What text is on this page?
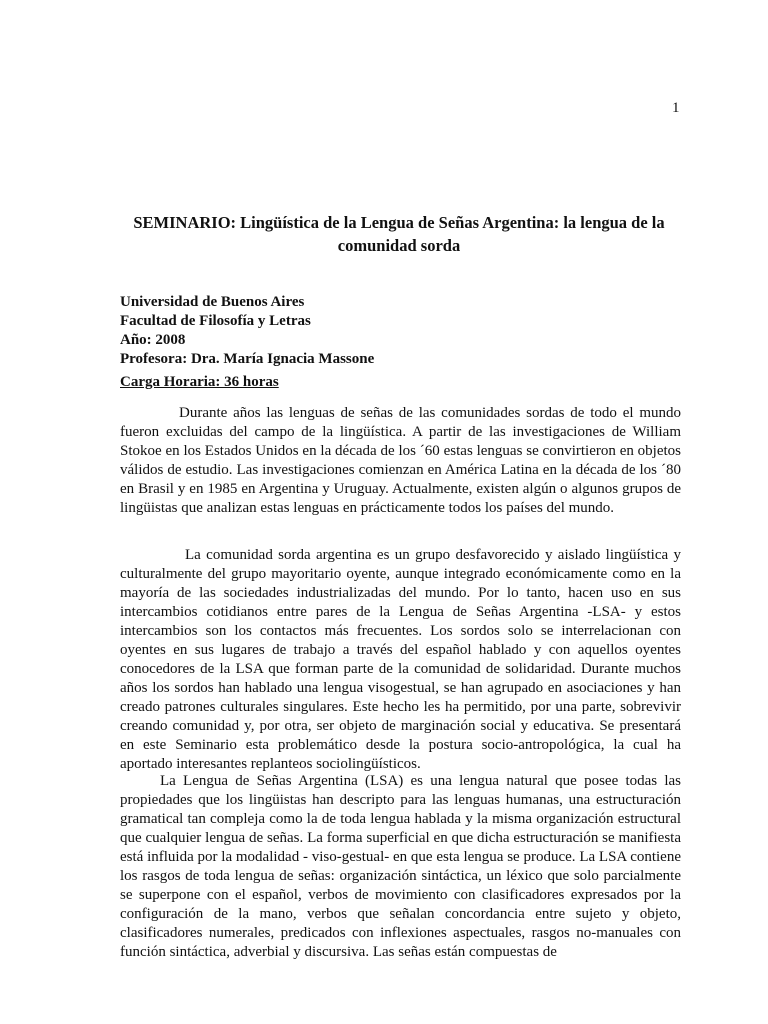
1
SEMINARIO: Lingüística de la Lengua de Señas Argentina: la lengua de la comunidad sorda
Universidad de Buenos Aires
Facultad de Filosofía y Letras
Año: 2008
Profesora: Dra. María Ignacia Massone
Carga Horaria: 36 horas

Durante años las lenguas de señas de las comunidades sordas de todo el mundo fueron excluidas del campo de la lingüística. A partir de las investigaciones de William Stokoe en los Estados Unidos en la década de los ´60 estas lenguas se convirtieron en objetos válidos de estudio. Las investigaciones comienzan en América Latina en la década de los ´80 en Brasil y en 1985 en Argentina y Uruguay. Actualmente, existen algún o algunos grupos de lingüistas que analizan estas lenguas en prácticamente todos los países del mundo.

La comunidad sorda argentina es un grupo desfavorecido y aislado lingüística y culturalmente del grupo mayoritario oyente, aunque integrado económicamente como en la mayoría de las sociedades industrializadas del mundo. Por lo tanto, hacen uso en sus intercambios cotidianos entre pares de la Lengua de Señas Argentina -LSA- y estos intercambios son los contactos más frecuentes. Los sordos solo se interrelacionan con oyentes en sus lugares de trabajo a través del español hablado y con aquellos oyentes conocedores de la LSA que forman parte de la comunidad de solidaridad. Durante muchos años los sordos han hablado una lengua visogestual, se han agrupado en asociaciones y han creado patrones culturales singulares. Este hecho les ha permitido, por una parte, sobrevivir creando comunidad y, por otra, ser objeto de marginación social y educativa. Se presentará en este Seminario esta problemático desde la postura socio-antropológica, la cual ha aportado interesantes replanteos sociolingüísticos.

La Lengua de Señas Argentina (LSA) es una lengua natural que posee todas las propiedades que los lingüistas han descripto para las lenguas humanas, una estructuración gramatical tan compleja como la de toda lengua hablada y la misma organización estructural que cualquier lengua de señas. La forma superficial en que dicha estructuración se manifiesta está influida por la modalidad - viso-gestual- en que esta lengua se produce. La LSA contiene los rasgos de toda lengua de señas: organización sintáctica, un léxico que solo parcialmente se superpone con el español, verbos de movimiento con clasificadores expresados por la configuración de la mano, verbos que señalan concordancia entre sujeto y objeto, clasificadores numerales, predicados con inflexiones aspectuales, rasgos no-manuales con función sintáctica, adverbial y discursiva. Las señas están compuestas de
